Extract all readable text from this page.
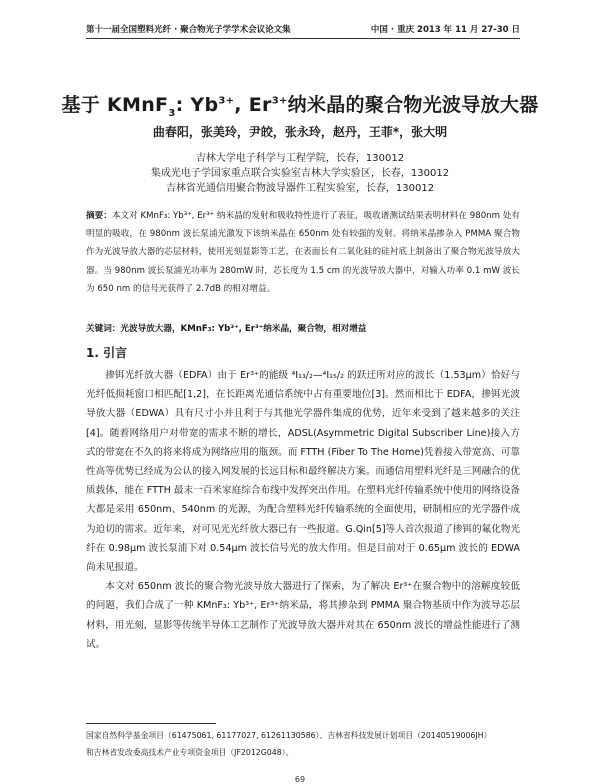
第十一届全国塑料光纤 · 聚合物光子学学术会议论文集	中国 · 重庆 2013 年 11 月 27-30 日
基于 KMnF$_3$: $Yb^{3+}$, $Er^{3+}$纳米晶的聚合物光波导放大器
曲春阳，张美玲，尹皎，张永玲，赵丹，王菲*，张大明
吉林大学电子科学与工程学院，长春，130012
集成光电子学国家重点联合实验室吉林大学实验区，长春，130012
吉林省光通信用聚合物波导器件工程实验室，长春，130012
摘要：本文对 KMnF₃: Yb³⁺, Er³⁺ 纳米晶的发射和吸收特性进行了表征，吸收谱测试结果表明材料在 980nm 处有明显的吸收，在 980nm 波长泵浦光激发下该纳米晶在 650nm 处有较强的发射。将纳米晶掺杂入 PMMA 聚合物作为光波导放大器的芯层材料，使用光刻显影等工艺，在表面长有二氧化硅的硅衬底上制备出了聚合物光波导放大器。当 980nm 波长泵浦光功率为 280mW 时，芯长度为 1.5 cm 的光波导放大器中，对输入功率 0.1 mW 波长为 650 nm 的信号光获得了 2.7dB 的相对增益。
关键词：光波导放大器，KMnF₃: Yb³⁺, Er³⁺纳米晶，聚合物，相对增益
1. 引言

掺铒光纤放大器（EDFA）由于 Er³⁺的能级 ⁴I₁₃/₂—⁴I₁₅/₂ 的跃迁所对应的波长（1.53μm）恰好与光纤低损耗窗口相匹配[1,2]，在长距离光通信系统中占有重要地位[3]。然而相比于 EDFA，掺铒光波导放大器（EDWA）具有尺寸小并且利于与其他光学器件集成的优势，近年来受到了越来越多的关注[4]。随着网络用户对带宽的需求不断的增长，ADSL(Asymmetric Digital Subscriber Line)接入方式的带宽在不久的将来将成为网络应用的瓶颈。而 FTTH (Fiber To The Home)凭着接入带宽高、可靠性高等优势已经成为公认的接入网发展的长远目标和最终解决方案。而通信用塑料光纤是三网融合的优质载体，能在 FTTH 最末一百米家庭综合布线中发挥突出作用。在塑料光纤传输系统中使用的网络设备大都是采用 650nm、540nm 的光源，为配合塑料光纤传输系统的全面使用，研制相应的光学器件成为迫切的需求。近年来，对可见光光纤放大器已有一些报道。G.Qin[5]等人首次报道了掺铒的氟化物光纤在 0.98μm 波长泵浦下对 0.54μm 波长信号光的放大作用。但是目前对于 0.65μm 波长的 EDWA 尚未见报道。

本文对 650nm 波长的聚合物光波导放大器进行了探索，为了解决 Er³⁺在聚合物中的溶解度较低的问题，我们合成了一种 KMnF₃: Yb³⁺, Er³⁺纳米晶，将其掺杂到 PMMA 聚合物基质中作为波导芯层材料，用光刻，显影等传统半导体工艺制作了光波导放大器并对其在 650nm 波长的增益性能进行了测试。

国家自然科学基金项目（61475061, 61177027, 61261130586）、吉林省科技发展计划项目（20140519006JH）
和吉林省发改委高技术产业专项资金项目（JF2012G048）。
69
